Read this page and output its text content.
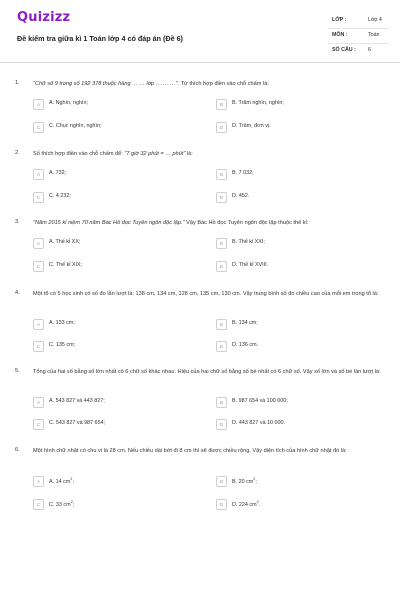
Quizizz
Đề kiểm tra giữa kì 1 Toán lớp 4 có đáp án (Đề 6)
LỚP :	Lớp 4
MÔN :	Toán
SỐ CÂU : 6
1. "Chữ số 9 trong số 192 378 thuộc hàng … … lớp … … …". Từ thích hợp điền vào chỗ chấm là:
A	A. Nghìn, nghìn;	B	B. Trăm nghìn, nghìn;
C	C. Chục nghìn, nghìn;	D	D. Trăm, đơn vị.
2. Số thích hợp điền vào chỗ chấm để: "7 giờ 32 phút = … phút" là:
A	A. 732;	B	B. 7 032;
C	C. 4 232;	D	D. 452.
3. "Năm 2015 kỉ niệm 70 năm Bác Hồ đọc Tuyên ngôn độc lập." Vậy Bác Hồ đọc Tuyên ngôn độc lập thuộc thế kỉ:
A	A. Thế kỉ XX;	B	B. Thế kỉ XXI;
C	C. Thế kỉ XIX;	D	D. Thế kỉ XVIII.
4. Một tổ có 5 học sinh có số đo lần lượt là: 138 cm, 134 cm, 128 cm, 135 cm, 130 cm. Vậy trung bình số đo chiều cao của mỗi em trong tổ là:
A	A. 133 cm;	B	B. 134 cm;
C	C. 135 cm;	D	D. 136 cm.
5. Tổng của hai số bằng số lớn nhất có 6 chữ số khác nhau. Hiệu của hai chữ số bằng số bé nhất có 6 chữ số. Vậy số lớn và số bé lần lượt là:
A	A. 543 827 và 443 827;	B	B. 987 654 và 100 000;
C	C. 543 827 và 987 654;	D	D. 443 827 và 10 000.
6. Một hình chữ nhật có chu vi là 28 cm. Nếu chiều dài bớt đi 8 cm thì sẽ được chiều rộng. Vậy diện tích của hình chữ nhật đó là:
A	A. 14 $cm^2$;	B	B. 20 $cm^2$;
C	C. 33 $cm^2$;	D	D. 224 $cm^2$.
